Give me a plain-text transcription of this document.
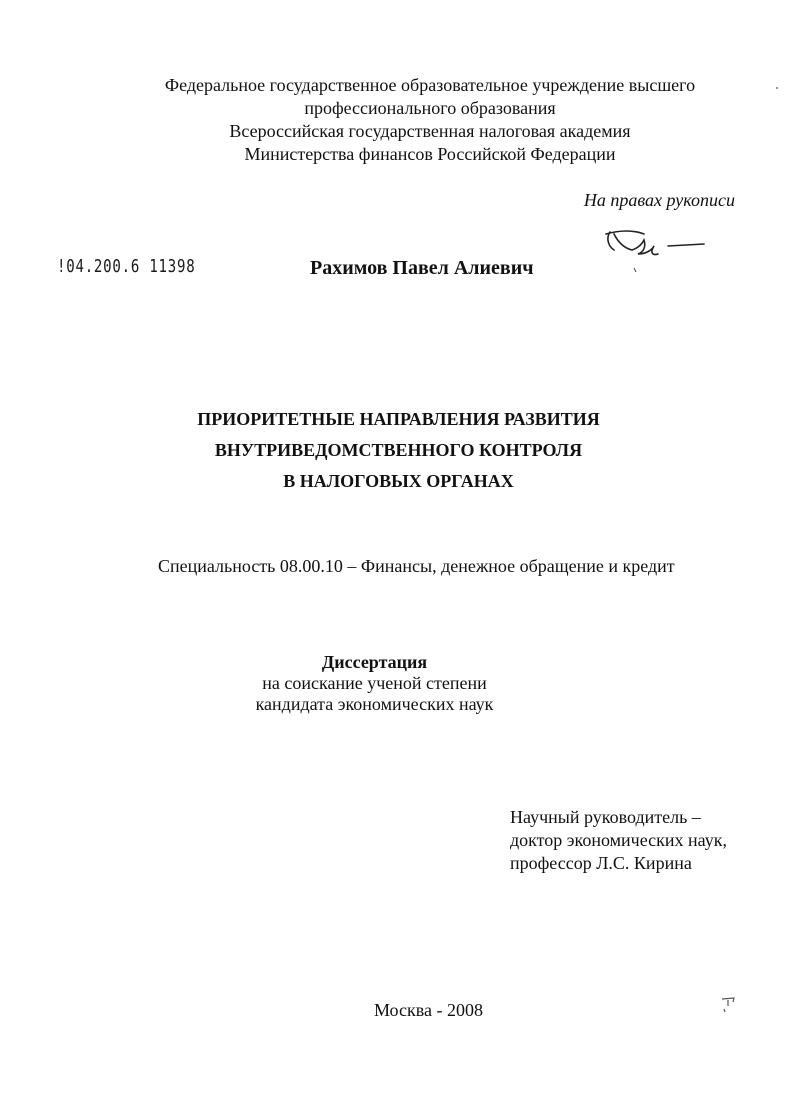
Федеральное государственное образовательное учреждение высшего
профессионального образования
Всероссийская государственная налоговая академия
Министерства финансов Российской Федерации
На правах рукописи
!04.200.6 11398	Рахимов Павел Алиевич
ПРИОРИТЕТНЫЕ НАПРАВЛЕНИЯ РАЗВИТИЯ
ВНУТРИВЕДОМСТВЕННОГО КОНТРОЛЯ
В НАЛОГОВЫХ ОРГАНАХ
Специальность 08.00.10 – Финансы, денежное обращение и кредит
Диссертация
на соискание ученой степени
кандидата экономических наук
Научный руководитель –
доктор экономических наук,
профессор Л.С. Кирина
Москва - 2008
